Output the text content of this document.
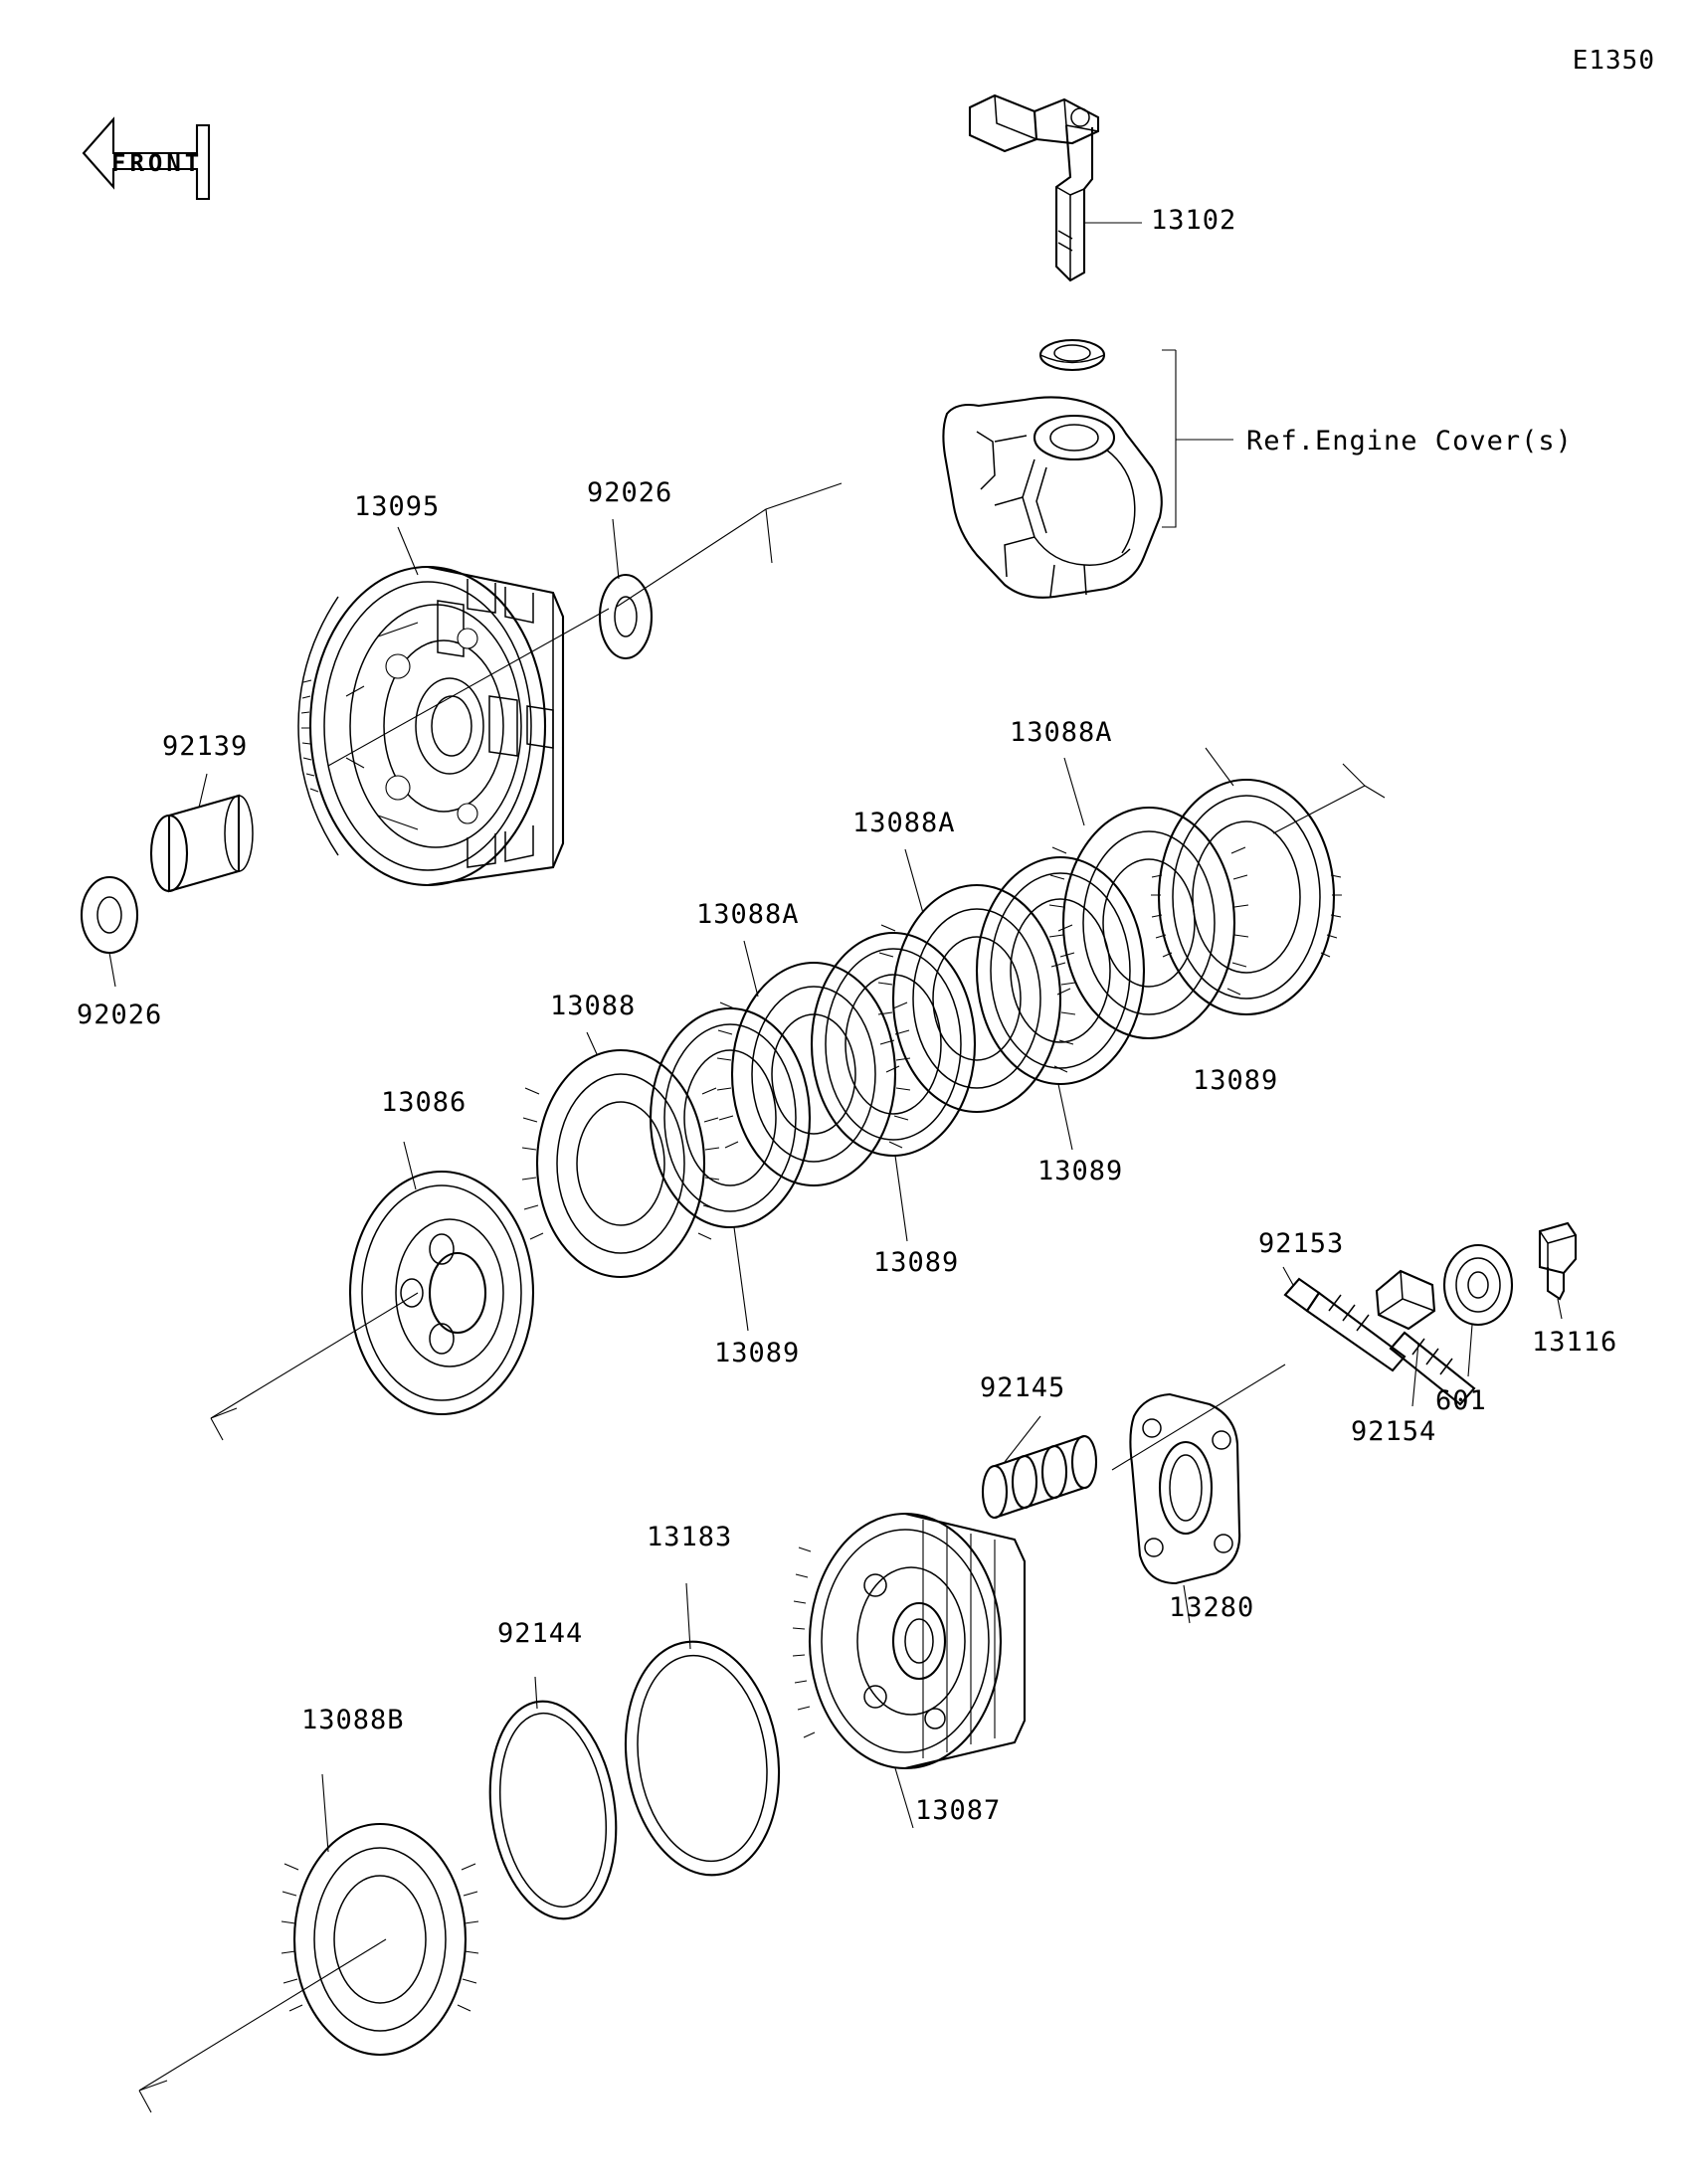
E1350
FRONT
13102
Ref.Engine Cover(s)
13095	92026
92139
92026
13088A
13088A
13088A
13088
13089
13089
13089
13089
13086
92153
13116
601
92154
92145
13280
13183
92144
13087
13088B
